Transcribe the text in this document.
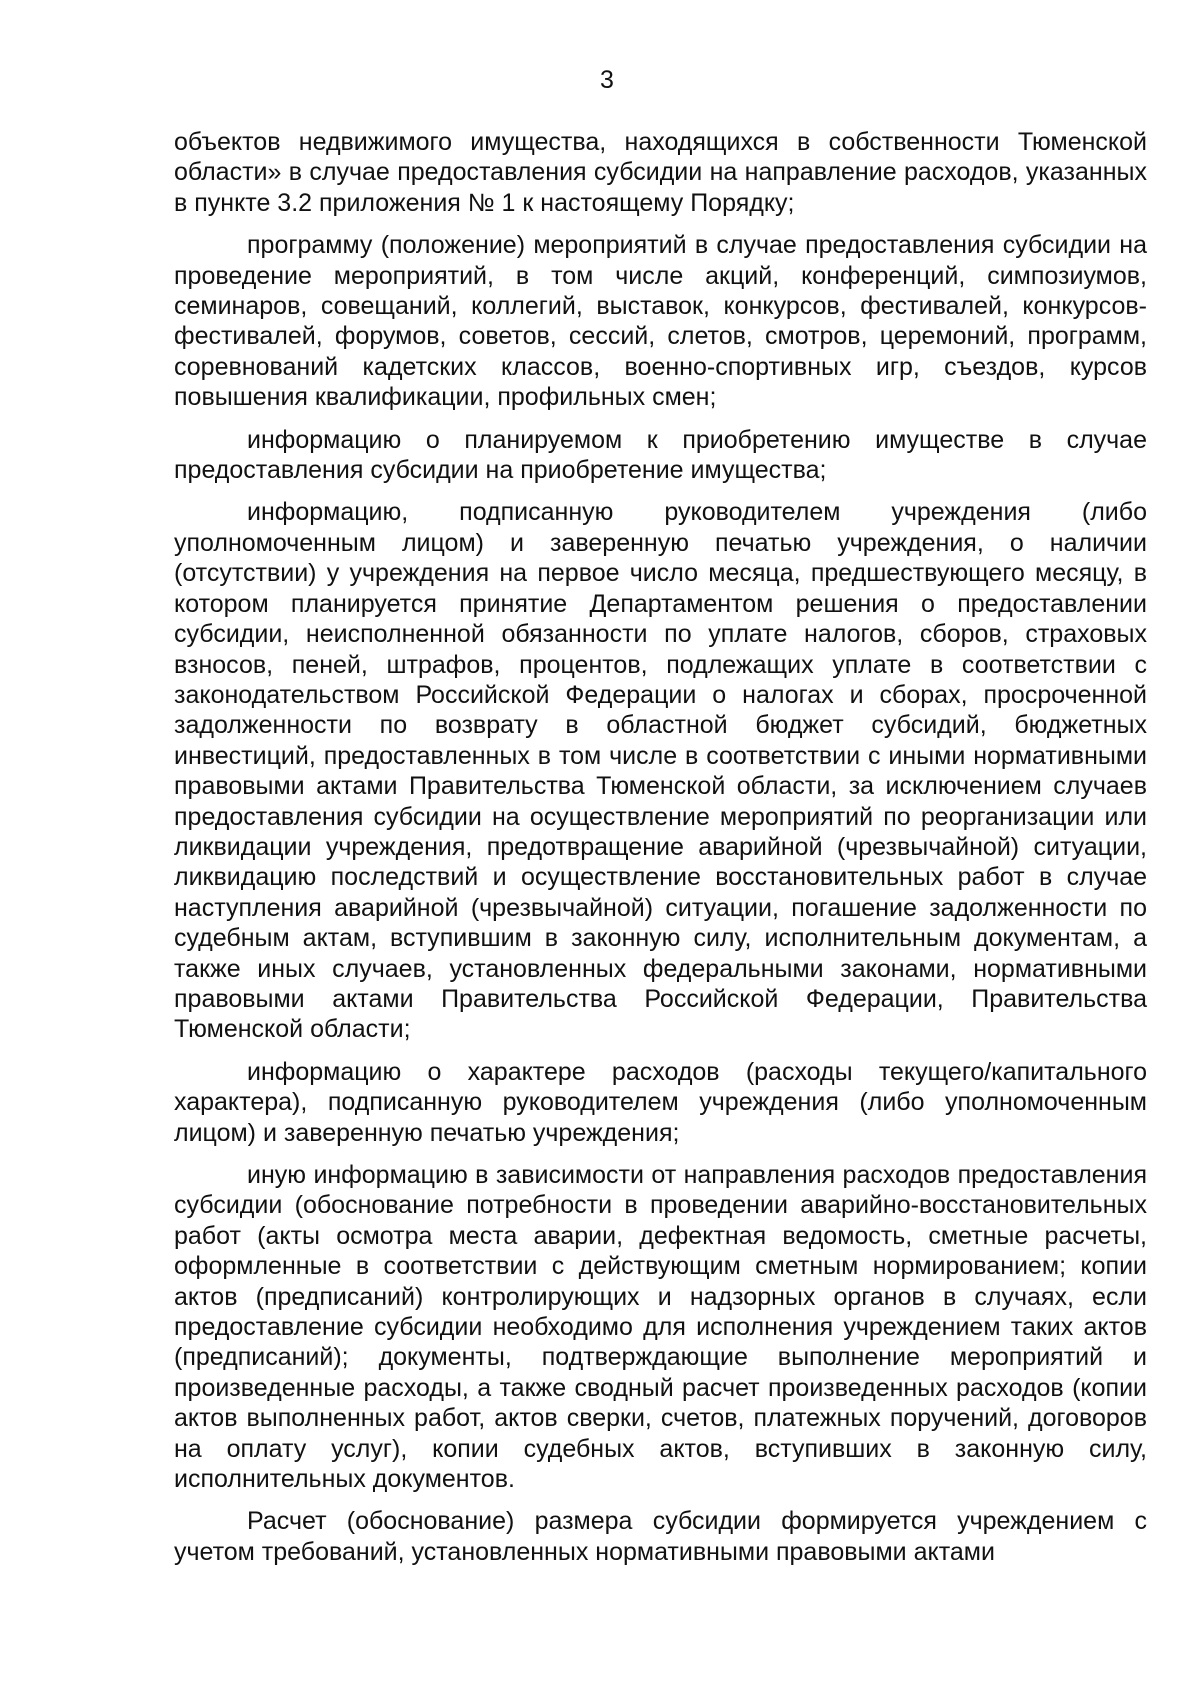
3

объектов недвижимого имущества, находящихся в собственности Тюменской области» в случае предоставления субсидии на направление расходов, указанных в пункте 3.2 приложения № 1 к настоящему Порядку;

программу (положение) мероприятий в случае предоставления субсидии на проведение мероприятий, в том числе акций, конференций, симпозиумов, семинаров, совещаний, коллегий, выставок, конкурсов, фестивалей, конкурсов-фестивалей, форумов, советов, сессий, слетов, смотров, церемоний, программ, соревнований кадетских классов, военно-спортивных игр, съездов, курсов повышения квалификации, профильных смен;

информацию о планируемом к приобретению имуществе в случае предоставления субсидии на приобретение имущества;

информацию, подписанную руководителем учреждения (либо уполномоченным лицом) и заверенную печатью учреждения, о наличии (отсутствии) у учреждения на первое число месяца, предшествующего месяцу, в котором планируется принятие Департаментом решения о предоставлении субсидии, неисполненной обязанности по уплате налогов, сборов, страховых взносов, пеней, штрафов, процентов, подлежащих уплате в соответствии с законодательством Российской Федерации о налогах и сборах, просроченной задолженности по возврату в областной бюджет субсидий, бюджетных инвестиций, предоставленных в том числе в соответствии с иными нормативными правовыми актами Правительства Тюменской области, за исключением случаев предоставления субсидии на осуществление мероприятий по реорганизации или ликвидации учреждения, предотвращение аварийной (чрезвычайной) ситуации, ликвидацию последствий и осуществление восстановительных работ в случае наступления аварийной (чрезвычайной) ситуации, погашение задолженности по судебным актам, вступившим в законную силу, исполнительным документам, а также иных случаев, установленных федеральными законами, нормативными правовыми актами Правительства Российской Федерации, Правительства Тюменской области;

информацию о характере расходов (расходы текущего/капитального характера), подписанную руководителем учреждения (либо уполномоченным лицом) и заверенную печатью учреждения;

иную информацию в зависимости от направления расходов предоставления субсидии (обоснование потребности в проведении аварийно-восстановительных работ (акты осмотра места аварии, дефектная ведомость, сметные расчеты, оформленные в соответствии с действующим сметным нормированием; копии актов (предписаний) контролирующих и надзорных органов в случаях, если предоставление субсидии необходимо для исполнения учреждением таких актов (предписаний); документы, подтверждающие выполнение мероприятий и произведенные расходы, а также сводный расчет произведенных расходов (копии актов выполненных работ, актов сверки, счетов, платежных поручений, договоров на оплату услуг), копии судебных актов, вступивших в законную силу, исполнительных документов.

Расчет (обоснование) размера субсидии формируется учреждением с учетом требований, установленных нормативными правовыми актами
